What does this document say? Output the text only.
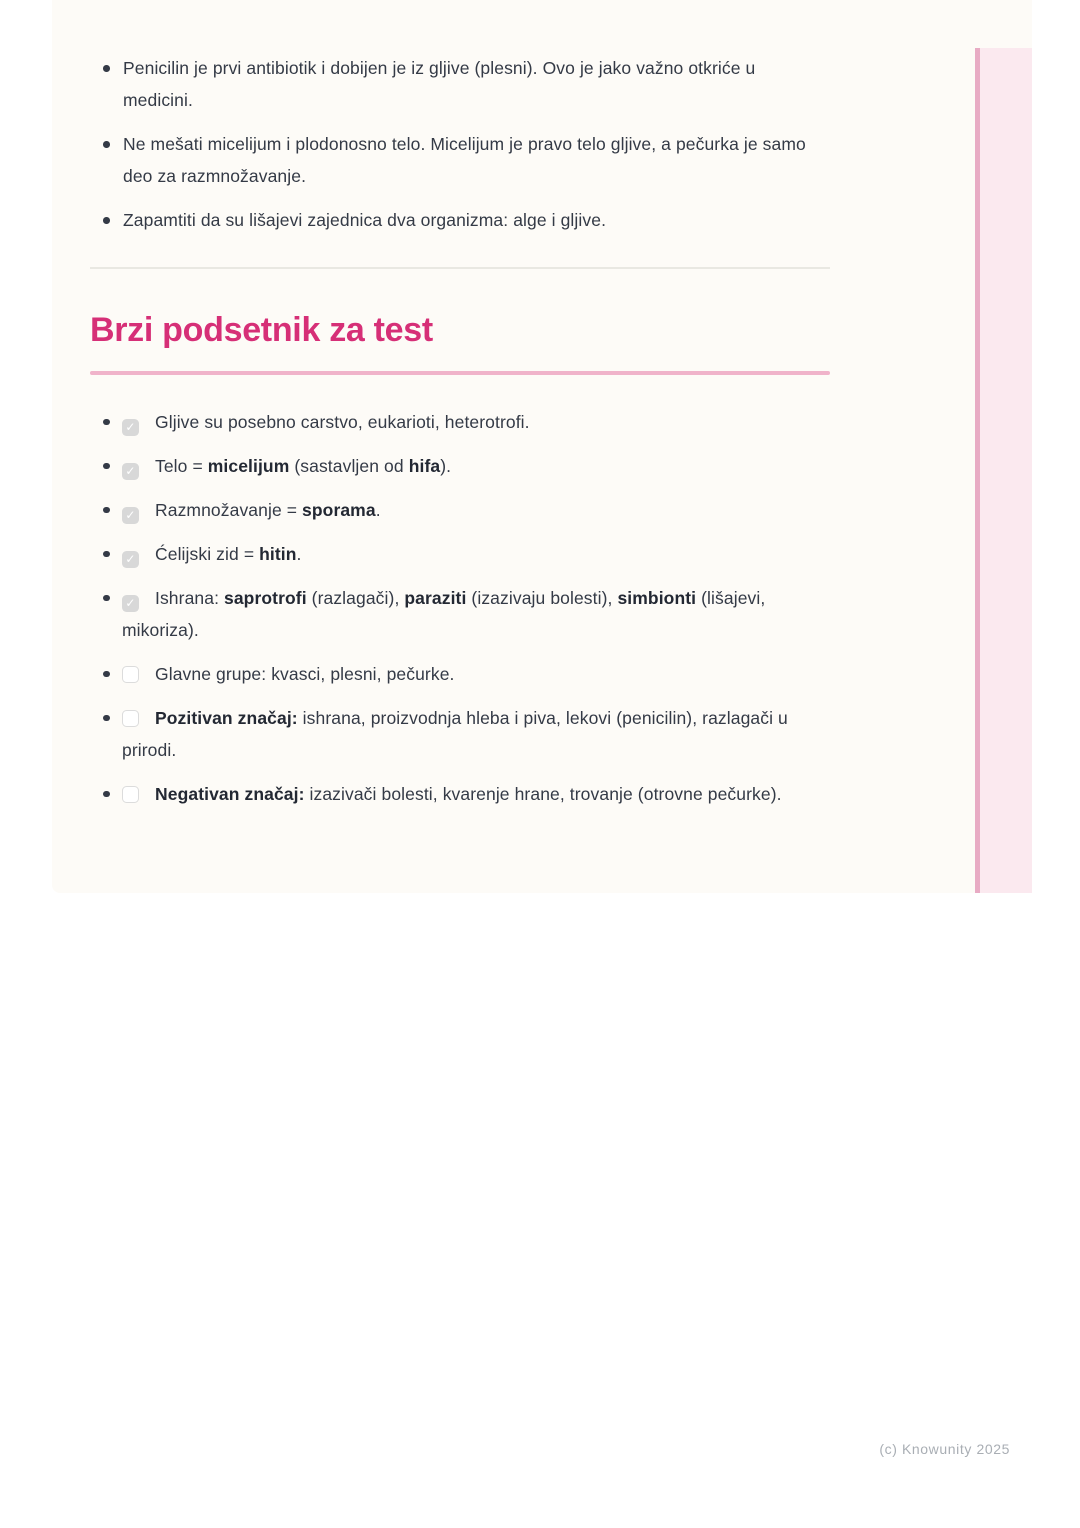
Penicilin je prvi antibiotik i dobijen je iz gljive (plesni). Ovo je jako važno otkriće u medicini.
Ne mešati micelijum i plodonosno telo. Micelijum je pravo telo gljive, a pečurka je samo deo za razmnožavanje.
Zapamtiti da su lišajevi zajednica dva organizma: alge i gljive.
Brzi podsetnik za test
✓ Gljive su posebno carstvo, eukarioti, heterotrofi.
✓ Telo = micelijum (sastavljen od hifa).
✓ Razmnožavanje = sporama.
✓ Ćelijski zid = hitin.
✓ Ishrana: saprotrofi (razlagači), paraziti (izazivaju bolesti), simbionti (lišajevi, mikoriza).
Glavne grupe: kvasci, plesni, pečurke.
Pozitivan značaj: ishrana, proizvodnja hleba i piva, lekovi (penicilin), razlagači u prirodi.
Negativan značaj: izazivači bolesti, kvarenje hrane, trovanje (otrovne pečurke).
(c) Knowunity 2025
